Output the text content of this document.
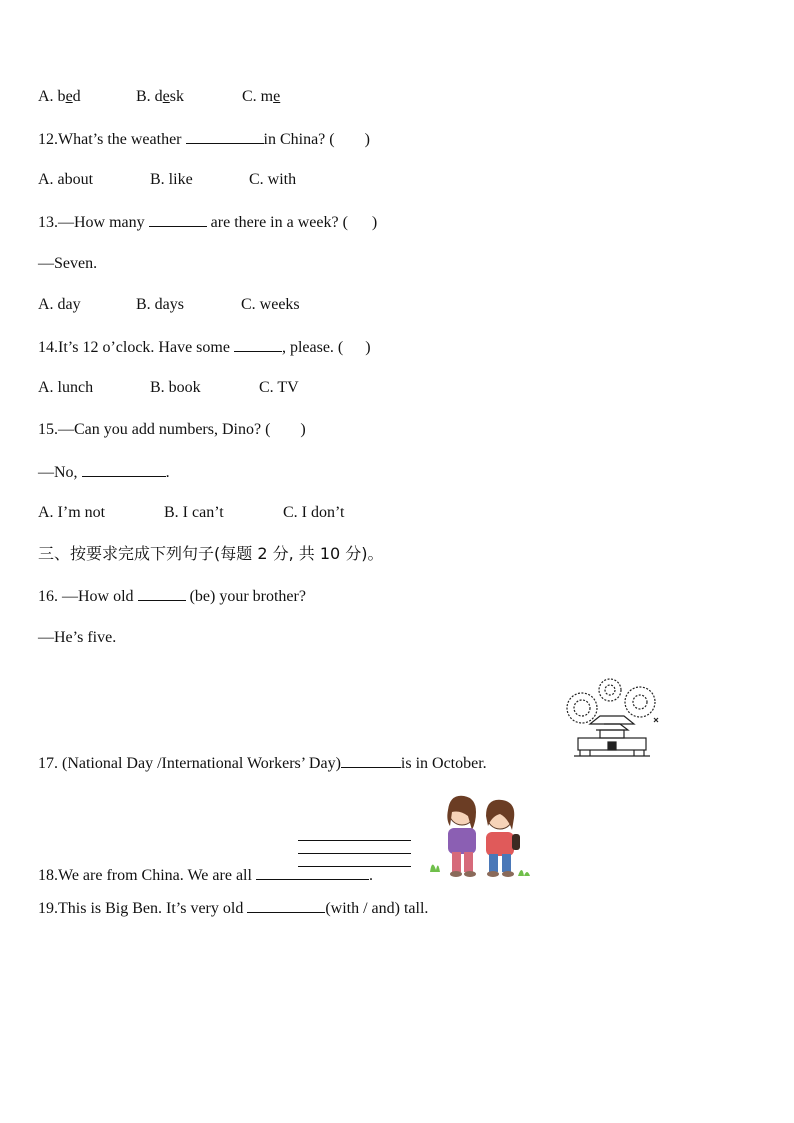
A. bed	B. desk	C. me
12.What’s the weather	in China? ( )
A. about	B. like	C. with
13.—How many	are there in a week? ( )
—Seven.
A. day	B. days	C. weeks
14.It’s 12 o’clock. Have some	, please. ( )
A. lunch	B. book	C. TV
15.—Can you add numbers, Dino? ( )
—No,	.
A. I’m not	B. I can’t	C. I don’t
三、按要求完成下列句子(每题 2 分, 共 10 分)。
16. —How old	(be) your brother?
—He’s five.
17. (National Day /International Workers’ Day)	is in October.
18.We are from China. We are all	.
19.This is Big Ben. It’s very old	(with / and) tall.
